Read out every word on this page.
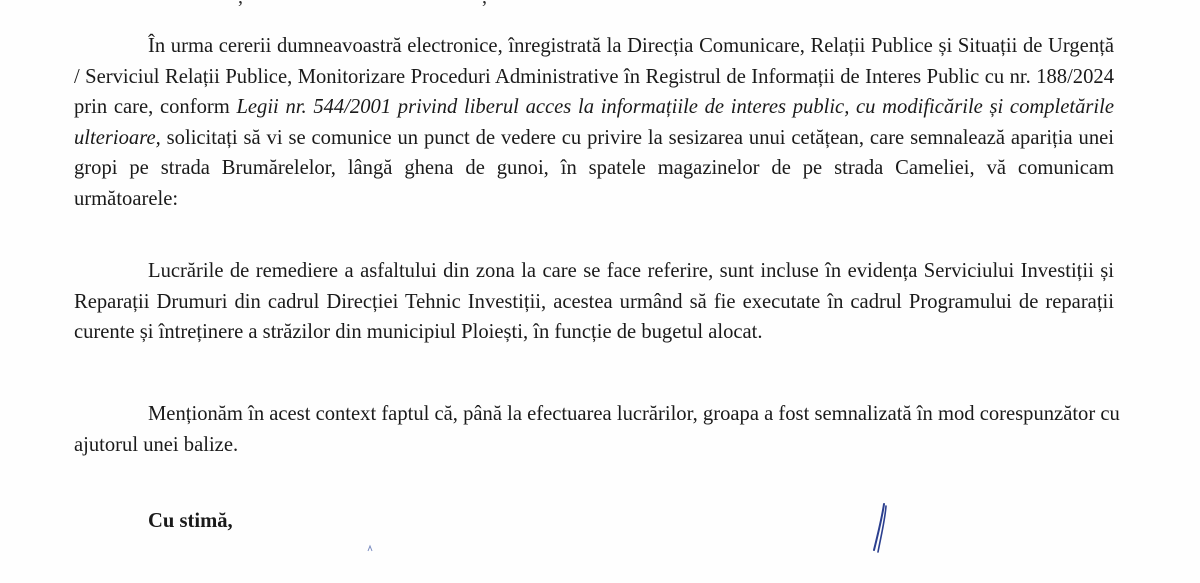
În urma cererii dumneavoastră electronice, înregistrată la Direcția Comunicare, Relații Publice și Situații de Urgență / Serviciul Relații Publice, Monitorizare Proceduri Administrative în Registrul de Informații de Interes Public cu nr. 188/2024 prin care, conform Legii nr. 544/2001 privind liberul acces la informațiile de interes public, cu modificările și completările ulterioare, solicitați să vi se comunice un punct de vedere cu privire la sesizarea unui cetățean, care semnalează apariția unei gropi pe strada Brumărelelor, lângă ghena de gunoi, în spatele magazinelor de pe strada Cameliei, vă comunicam următoarele:

Lucrările de remediere a asfaltului din zona la care se face referire, sunt incluse în evidența Serviciului Investiții și Reparații Drumuri din cadrul Direcției Tehnic Investiții, acestea urmând să fie executate în cadrul Programului de reparații curente și întreținere a străzilor din municipiul Ploiești, în funcție de bugetul alocat.

Menționăm în acest context faptul că, până la efectuarea lucrărilor, groapa a fost semnalizată în mod corespunzător cu ajutorul unei balize.

Cu stimă,
